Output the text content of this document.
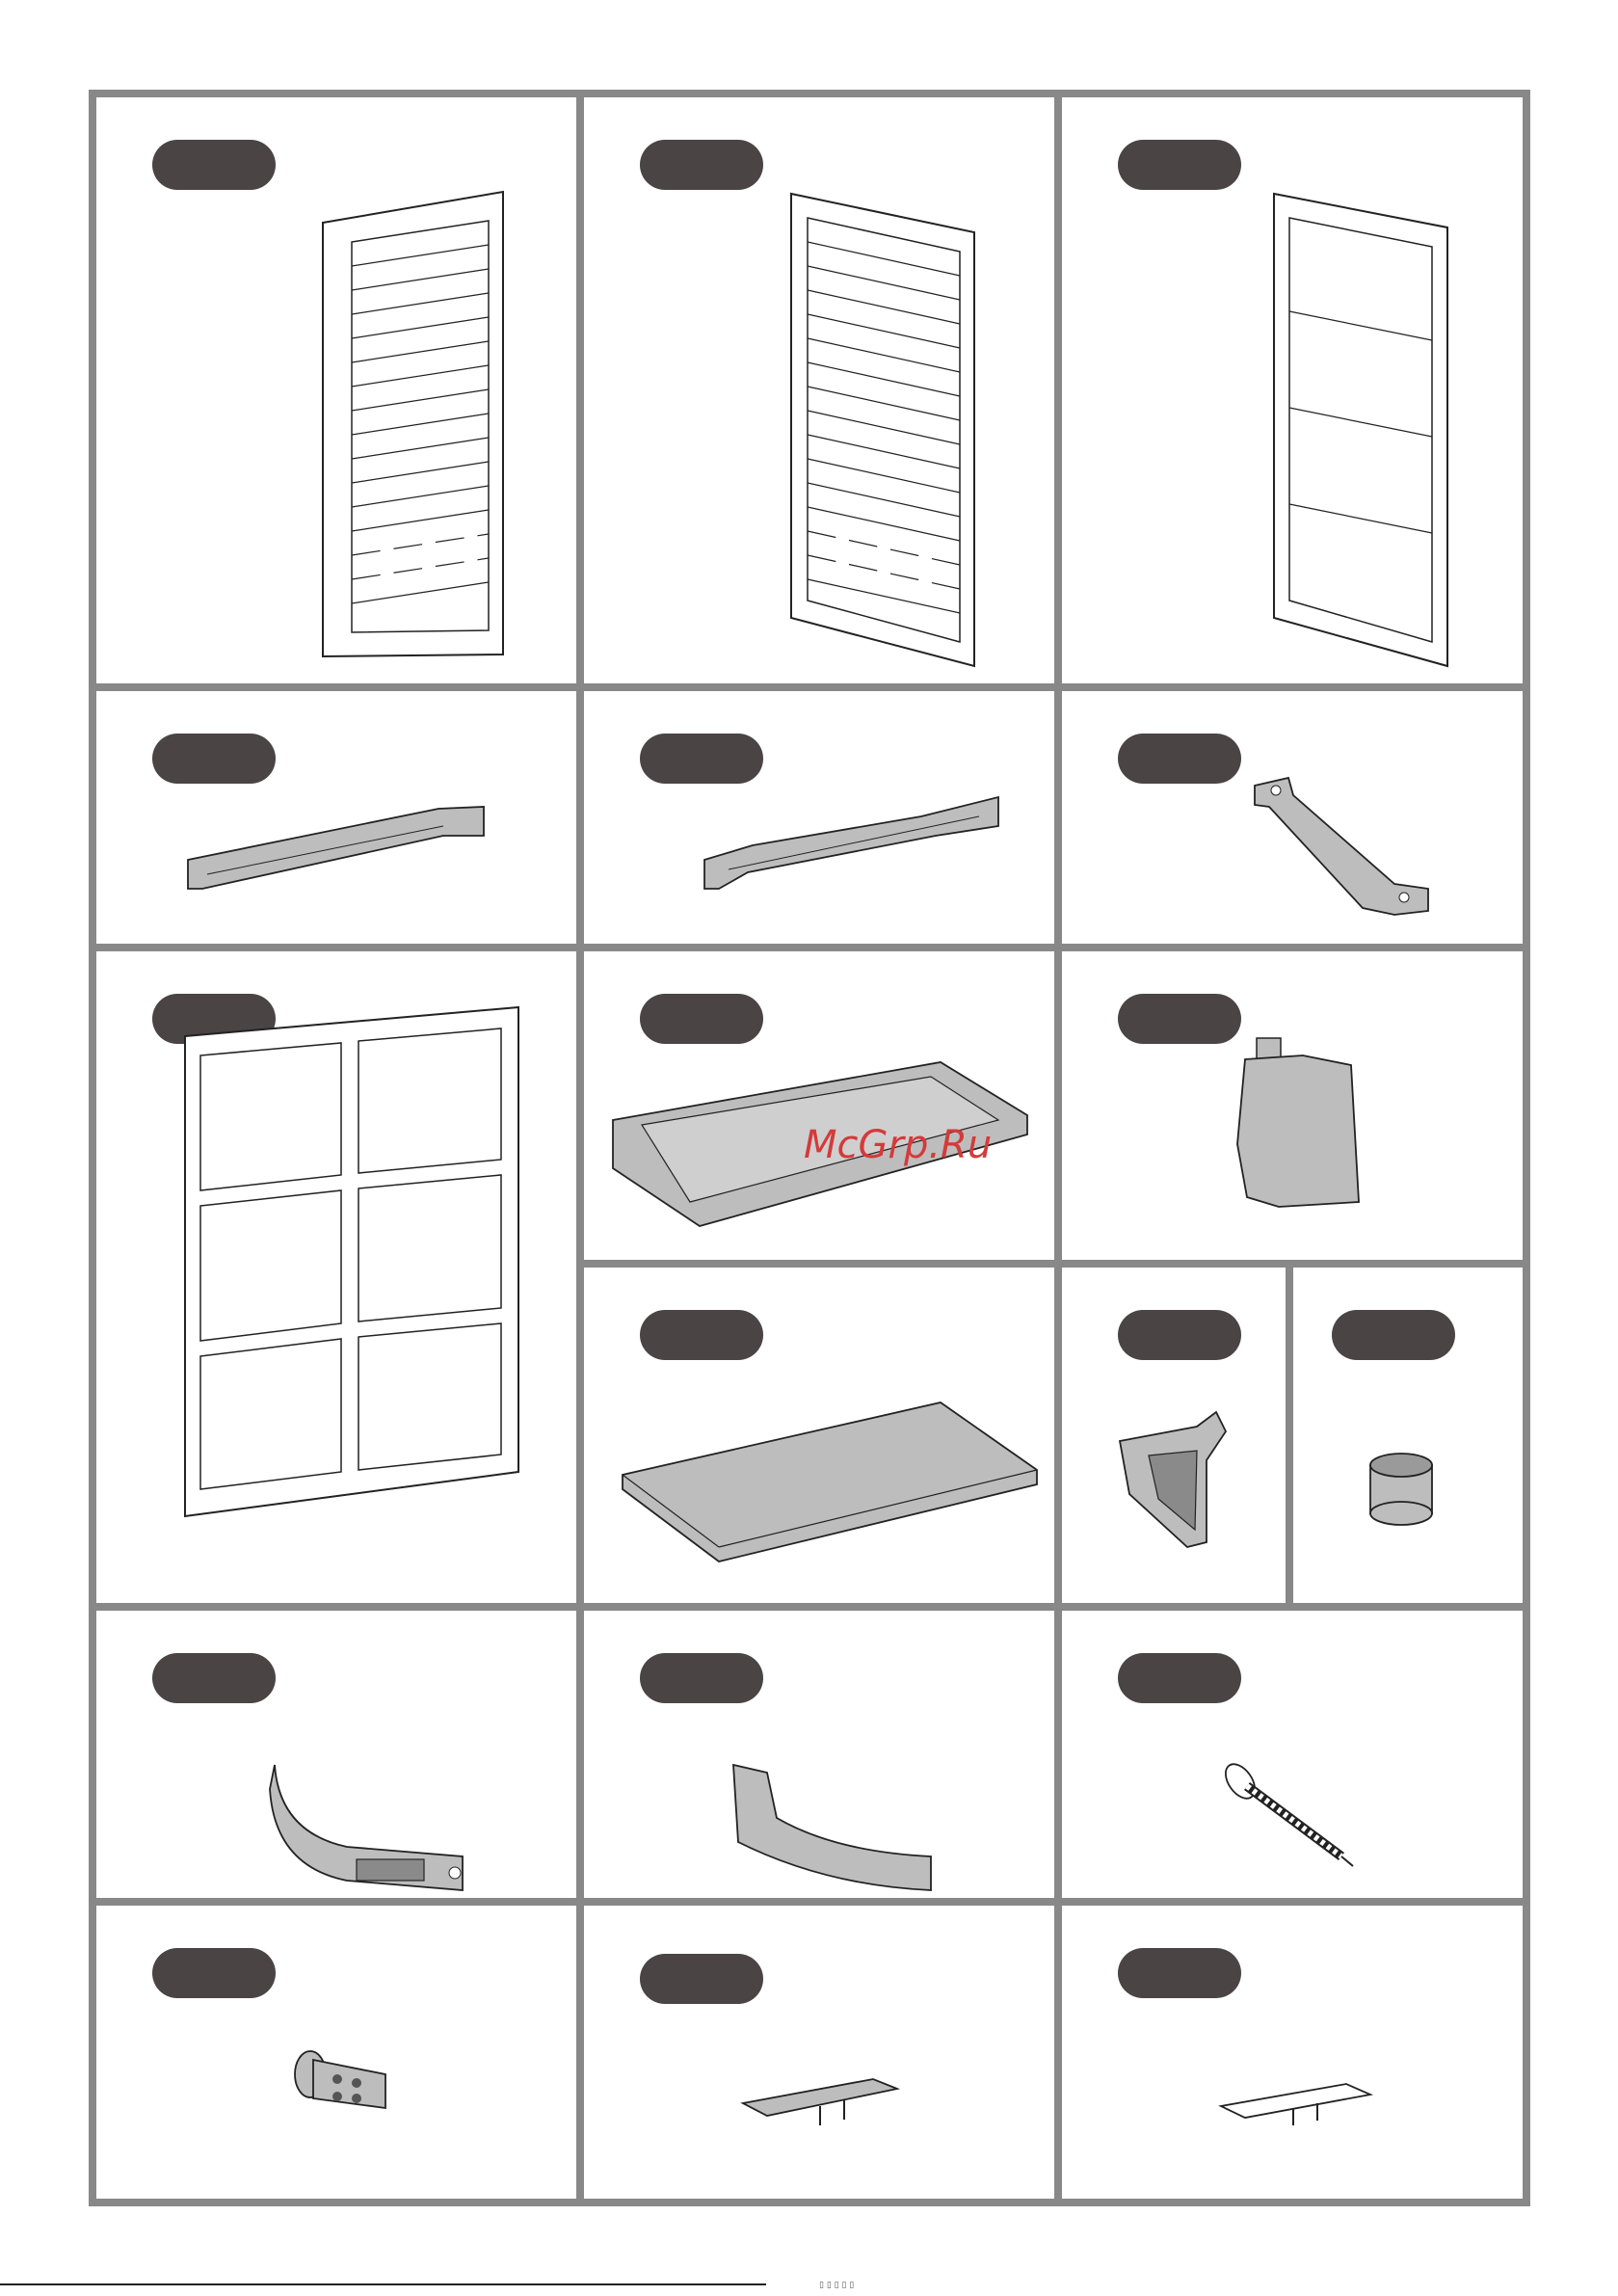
McGrp.Ru
▯ ▯ ▯ ▯ ▯
